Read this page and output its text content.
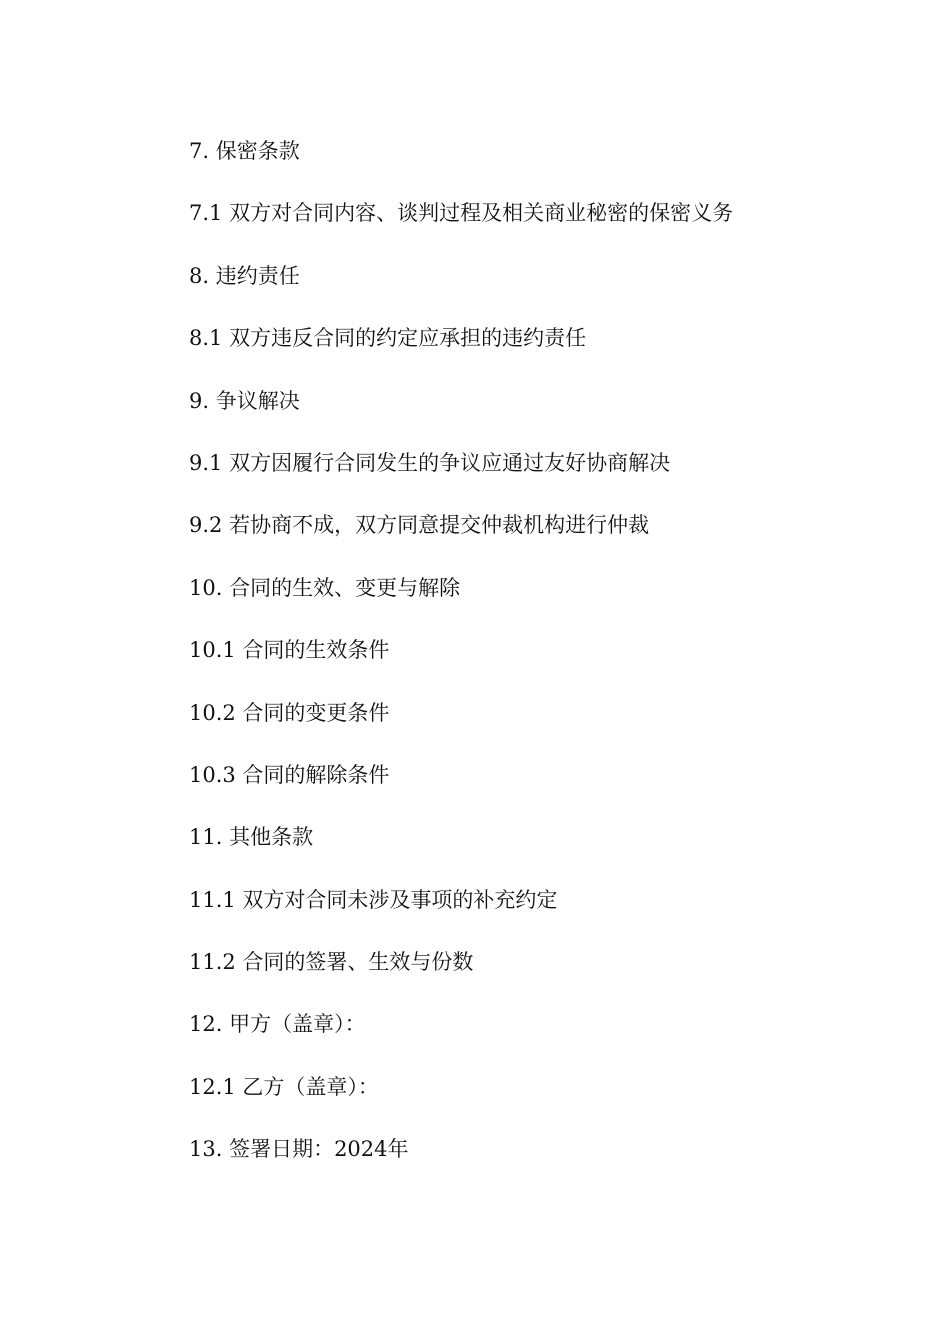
7. 保密条款
7.1 双方对合同内容、谈判过程及相关商业秘密的保密义务
8. 违约责任
8.1 双方违反合同的约定应承担的违约责任
9. 争议解决
9.1 双方因履行合同发生的争议应通过友好协商解决
9.2 若协商不成，双方同意提交仲裁机构进行仲裁
10. 合同的生效、变更与解除
10.1 合同的生效条件
10.2 合同的变更条件
10.3 合同的解除条件
11. 其他条款
11.1 双方对合同未涉及事项的补充约定
11.2 合同的签署、生效与份数
12. 甲方（盖章）：
12.1 乙方（盖章）：
13. 签署日期：2024年
